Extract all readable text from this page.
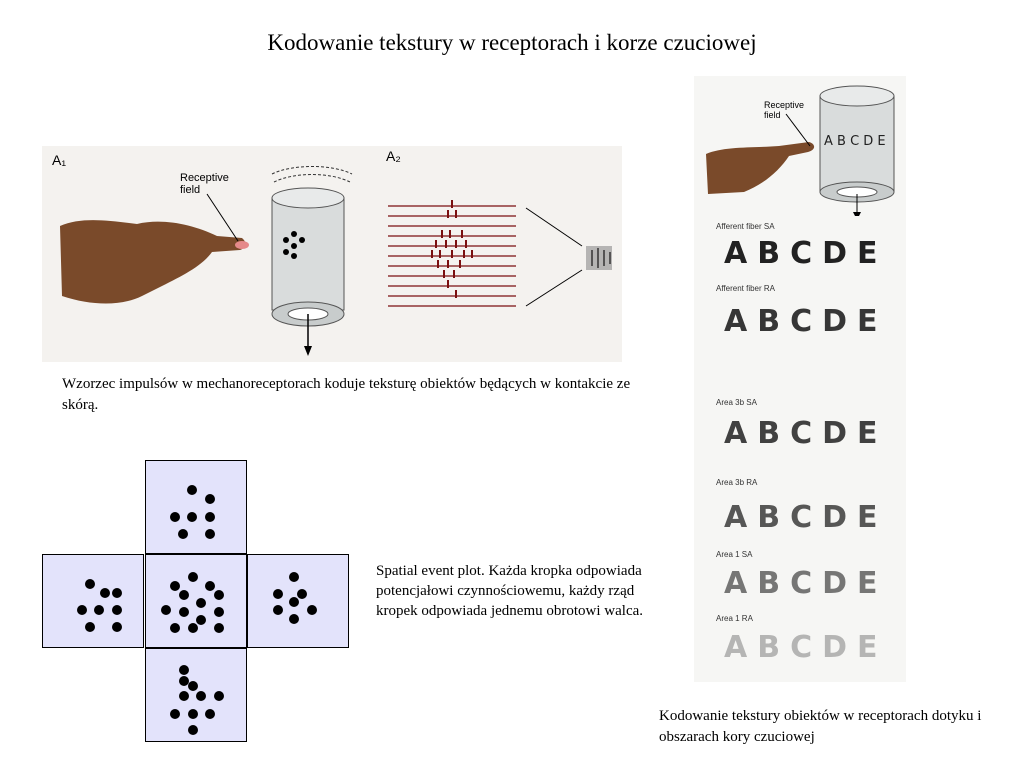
Kodowanie tekstury w receptorach i korze czuciowej
A₁	A₂
Receptive
field
Wzorzec impulsów w mechanoreceptorach koduje teksturę obiektów będących w kontakcie ze skórą.
Spatial event plot. Każda kropka odpowiada potencjałowi czynnościowemu, każdy rząd kropek odpowiada jednemu obrotowi walca.
Receptive
field
A B C D E
Afferent fiber SA
ABCDE
Afferent fiber RA
ABCDE
Area 3b SA
ABCDE
Area 3b RA
ABCDE
Area 1 SA
ABCDE
Area 1 RA
ABCDE
Kodowanie tekstury obiektów w receptorach dotyku i obszarach kory czuciowej
